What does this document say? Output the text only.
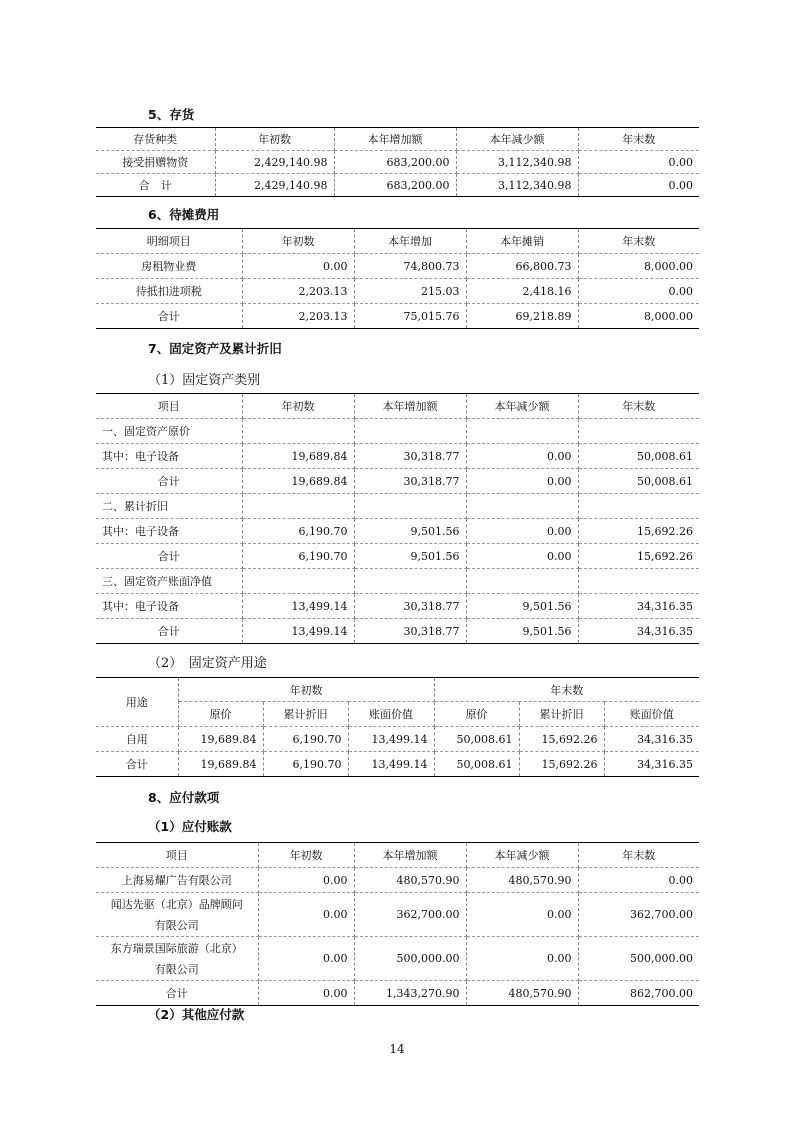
5、存货
存货种类	年初数	本年增加额	本年减少额	年末数
接受捐赠物资	2,429,140.98	683,200.00	3,112,340.98	0.00
合　计	2,429,140.98	683,200.00	3,112,340.98	0.00
6、待摊费用
明细项目	年初数	本年增加	本年摊销	年末数
房租物业费	0.00	74,800.73	66,800.73	8,000.00
待抵扣进项税	2,203.13	215.03	2,418.16	0.00
合计	2,203.13	75,015.76	69,218.89	8,000.00
7、固定资产及累计折旧
（1）固定资产类别
项目	年初数	本年增加额	本年减少额	年末数
一、固定资产原价				
其中：电子设备	19,689.84	30,318.77	0.00	50,008.61
合计	19,689.84	30,318.77	0.00	50,008.61
二、累计折旧				
其中：电子设备	6,190.70	9,501.56	0.00	15,692.26
合计	6,190.70	9,501.56	0.00	15,692.26
三、固定资产账面净值				
其中：电子设备	13,499.14	30,318.77	9,501.56	34,316.35
合计	13,499.14	30,318.77	9,501.56	34,316.35
（2）　固定资产用途
用途	年初数			年末数		
	原价	累计折旧	账面价值	原价	累计折旧	账面价值
自用	19,689.84	6,190.70	13,499.14	50,008.61	15,692.26	34,316.35
合计	19,689.84	6,190.70	13,499.14	50,008.61	15,692.26	34,316.35
8、应付款项
（1）应付账款
项目	年初数	本年增加额	本年减少额	年末数
上海易耀广告有限公司	0.00	480,570.90	480,570.90	0.00

闻达先驱（北京）品牌顾问
有限公司	0.00	362,700.00	0.00	362,700.00

东方瑞景国际旅游（北京）
有限公司	0.00	500,000.00	0.00	500,000.00
合计	0.00	1,343,270.90	480,570.90	862,700.00
（2）其他应付款
14
